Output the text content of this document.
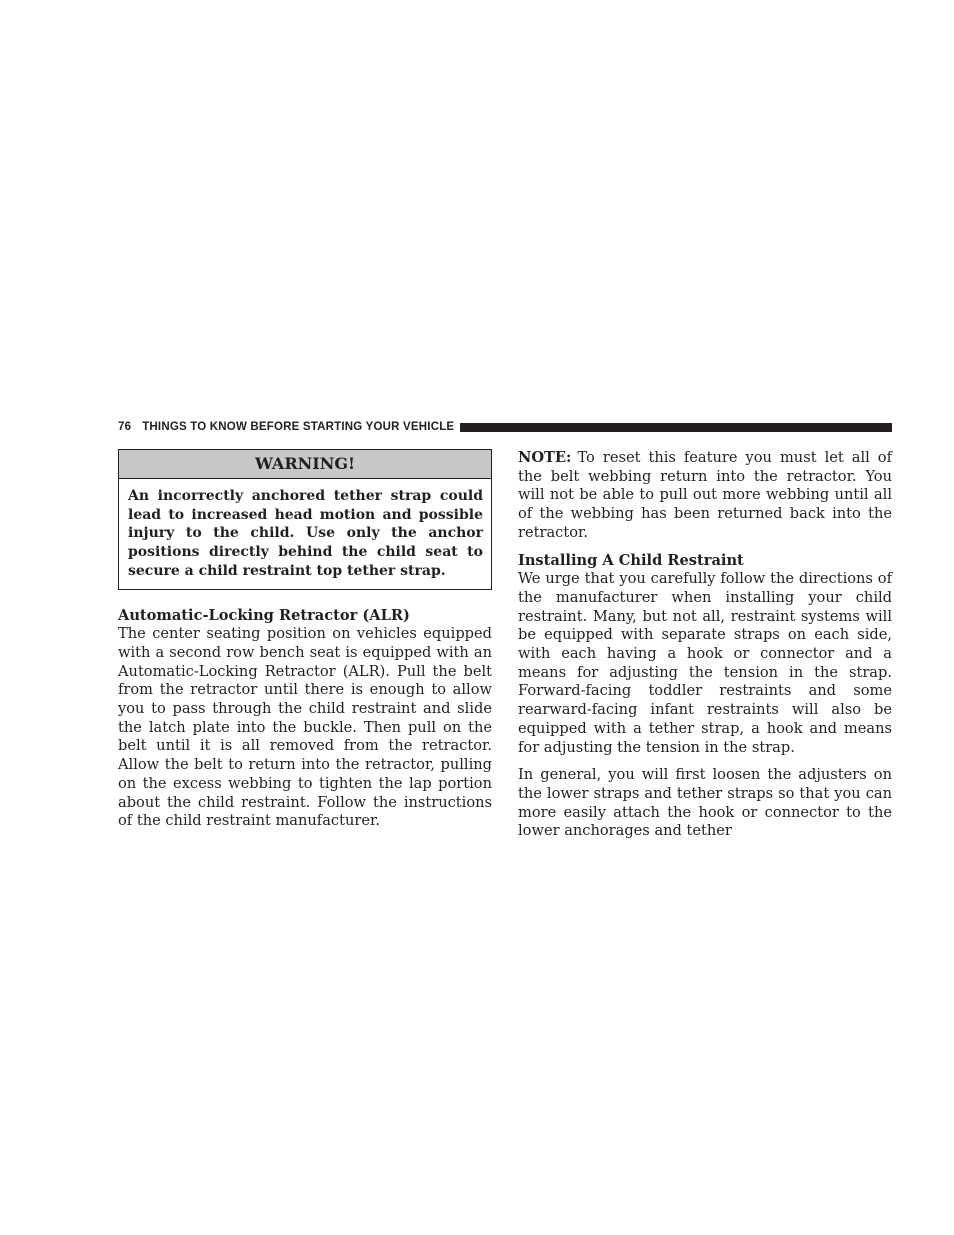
76 THINGS TO KNOW BEFORE STARTING YOUR VEHICLE
WARNING!
An incorrectly anchored tether strap could lead to increased head motion and possible injury to the child. Use only the anchor positions directly behind the child seat to secure a child restraint top tether strap.
Automatic-Locking Retractor (ALR)

The center seating position on vehicles equipped with a second row bench seat is equipped with an Automatic-Locking Retractor (ALR). Pull the belt from the retractor until there is enough to allow you to pass through the child restraint and slide the latch plate into the buckle. Then pull on the belt until it is all removed from the retractor. Allow the belt to return into the retractor, pulling on the excess webbing to tighten the lap portion about the child restraint. Follow the instructions of the child restraint manufacturer.

NOTE: To reset this feature you must let all of the belt webbing return into the retractor. You will not be able to pull out more webbing until all of the webbing has been returned back into the retractor.

Installing A Child Restraint

We urge that you carefully follow the directions of the manufacturer when installing your child restraint. Many, but not all, restraint systems will be equipped with separate straps on each side, with each having a hook or connector and a means for adjusting the tension in the strap. Forward-facing toddler restraints and some rearward-facing infant restraints will also be equipped with a tether strap, a hook and means for adjusting the tension in the strap.

In general, you will first loosen the adjusters on the lower straps and tether straps so that you can more easily attach the hook or connector to the lower anchorages and tether
